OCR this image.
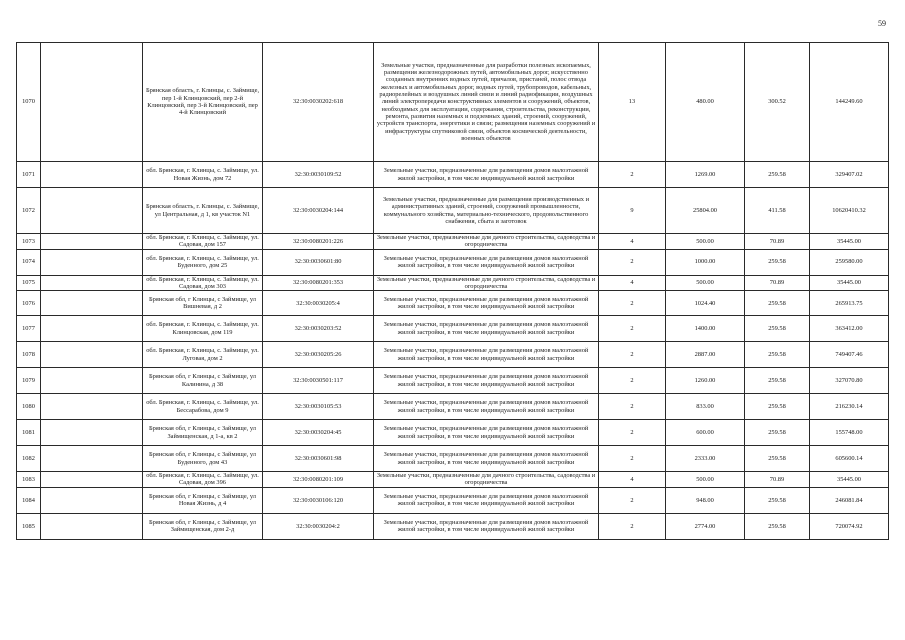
59
1070		Брянская область, г. Клинцы, с. Займище, пер 1-й Клинцовский, пер 2-й Клинцовский, пер 3-й Клинцовский, пер 4-й Клинцовский	32:30:0030202:618	Земельные участки, предназначенные для разработки полезных ископаемых, размещения железнодорожных путей, автомобильных дорог, искусственно созданных внутренних водных путей, причалов, пристаней, полос отвода железных и автомобильных дорог, водных путей, трубопроводов, кабельных, радиорелейных и воздушных линий связи и линий радиофикации, воздушных линий электропередачи конструктивных элементов и сооружений, объектов, необходимых для эксплуатации, содержания, строительства, реконструкции, ремонта, развития наземных и подземных зданий, строений, сооружений, устройств транспорта, энергетики и связи; размещения наземных сооружений и инфраструктуры спутниковой связи, объектов космической деятельности, военных объектов	13	480.00	300.52	144249.60
1071		обл. Брянская, г. Клинцы, с. Займище, ул. Новая Жизнь, дом 72	32:30:0030109:52	Земельные участки, предназначенные для размещения домов малоэтажной жилой застройки, в том числе индивидуальной жилой застройки	2	1269.00	259.58	329407.02
1072		Брянская область, г. Клинцы, с. Займище, ул Центральная, д 1, кв участок N1	32:30:0030204:144	Земельные участки, предназначенные для размещения производственных и административных зданий, строений, сооружений промышленности, коммунального хозяйства, материально-технического, продовольственного снабжения, сбыта и заготовок	9	25804.00	411.58	10620410.32
1073		обл. Брянская, г. Клинцы, с. Займище, ул. Садовая, дом 157	32:30:0080201:226	Земельные участки, предназначенные для дачного строительства, садоводства и огородничества	4	500.00	70.89	35445.00
1074		обл. Брянская, г. Клинцы, с. Займище, ул. Буденного, дом 25	32:30:0030601:80	Земельные участки, предназначенные для размещения домов малоэтажной жилой застройки, в том числе индивидуальной жилой застройки	2	1000.00	259.58	259580.00
1075		обл. Брянская, г. Клинцы, с. Займище, ул. Садовая, дом 303	32:30:0080201:353	Земельные участки, предназначенные для дачного строительства, садоводства и огородничества	4	500.00	70.89	35445.00
1076		Брянская обл, г Клинцы, с Займище, ул Вишневая, д 2	32:30:0030205:4	Земельные участки, предназначенные для размещения домов малоэтажной жилой застройки, в том числе индивидуальной жилой застройки	2	1024.40	259.58	265913.75
1077		обл. Брянская, г. Клинцы, с. Займище, ул. Клинцовская, дом 119	32:30:0030203:52	Земельные участки, предназначенные для размещения домов малоэтажной жилой застройки, в том числе индивидуальной жилой застройки	2	1400.00	259.58	363412.00
1078		обл. Брянская, г. Клинцы, с. Займище, ул. Луговая, дом 2	32:30:0030205:26	Земельные участки, предназначенные для размещения домов малоэтажной жилой застройки, в том числе индивидуальной жилой застройки	2	2887.00	259.58	749407.46
1079		Брянская обл, г Клинцы, с Займище, ул Калинина, д 38	32:30:0030501:117	Земельные участки, предназначенные для размещения домов малоэтажной жилой застройки, в том числе индивидуальной жилой застройки	2	1260.00	259.58	327070.80
1080		обл. Брянская, г. Клинцы, с. Займище, ул. Бессарабова, дом 9	32:30:0030105:53	Земельные участки, предназначенные для размещения домов малоэтажной жилой застройки, в том числе индивидуальной жилой застройки	2	833.00	259.58	216230.14
1081		Брянская обл, г Клинцы, с Займище, ул Займищенская, д 1-а, кв 2	32:30:0030204:45	Земельные участки, предназначенные для размещения домов малоэтажной жилой застройки, в том числе индивидуальной жилой застройки	2	600.00	259.58	155748.00
1082		Брянская обл, г Клинцы, с Займище, ул Буденного, дом 43	32:30:0030601:98	Земельные участки, предназначенные для размещения домов малоэтажной жилой застройки, в том числе индивидуальной жилой застройки	2	2333.00	259.58	605600.14
1083		обл. Брянская, г. Клинцы, с. Займище, ул. Садовая, дом 396	32:30:0080201:109	Земельные участки, предназначенные для дачного строительства, садоводства и огородничества	4	500.00	70.89	35445.00
1084		Брянская обл, г Клинцы, с Займище, ул Новая Жизнь, д 4	32:30:0030106:120	Земельные участки, предназначенные для размещения домов малоэтажной жилой застройки, в том числе индивидуальной жилой застройки	2	948.00	259.58	246081.84
1085		Брянская обл, г Клинцы, с Займище, ул Займищенская, дом 2-д	32:30:0030204:2	Земельные участки, предназначенные для размещения домов малоэтажной жилой застройки, в том числе индивидуальной жилой застройки	2	2774.00	259.58	720074.92
